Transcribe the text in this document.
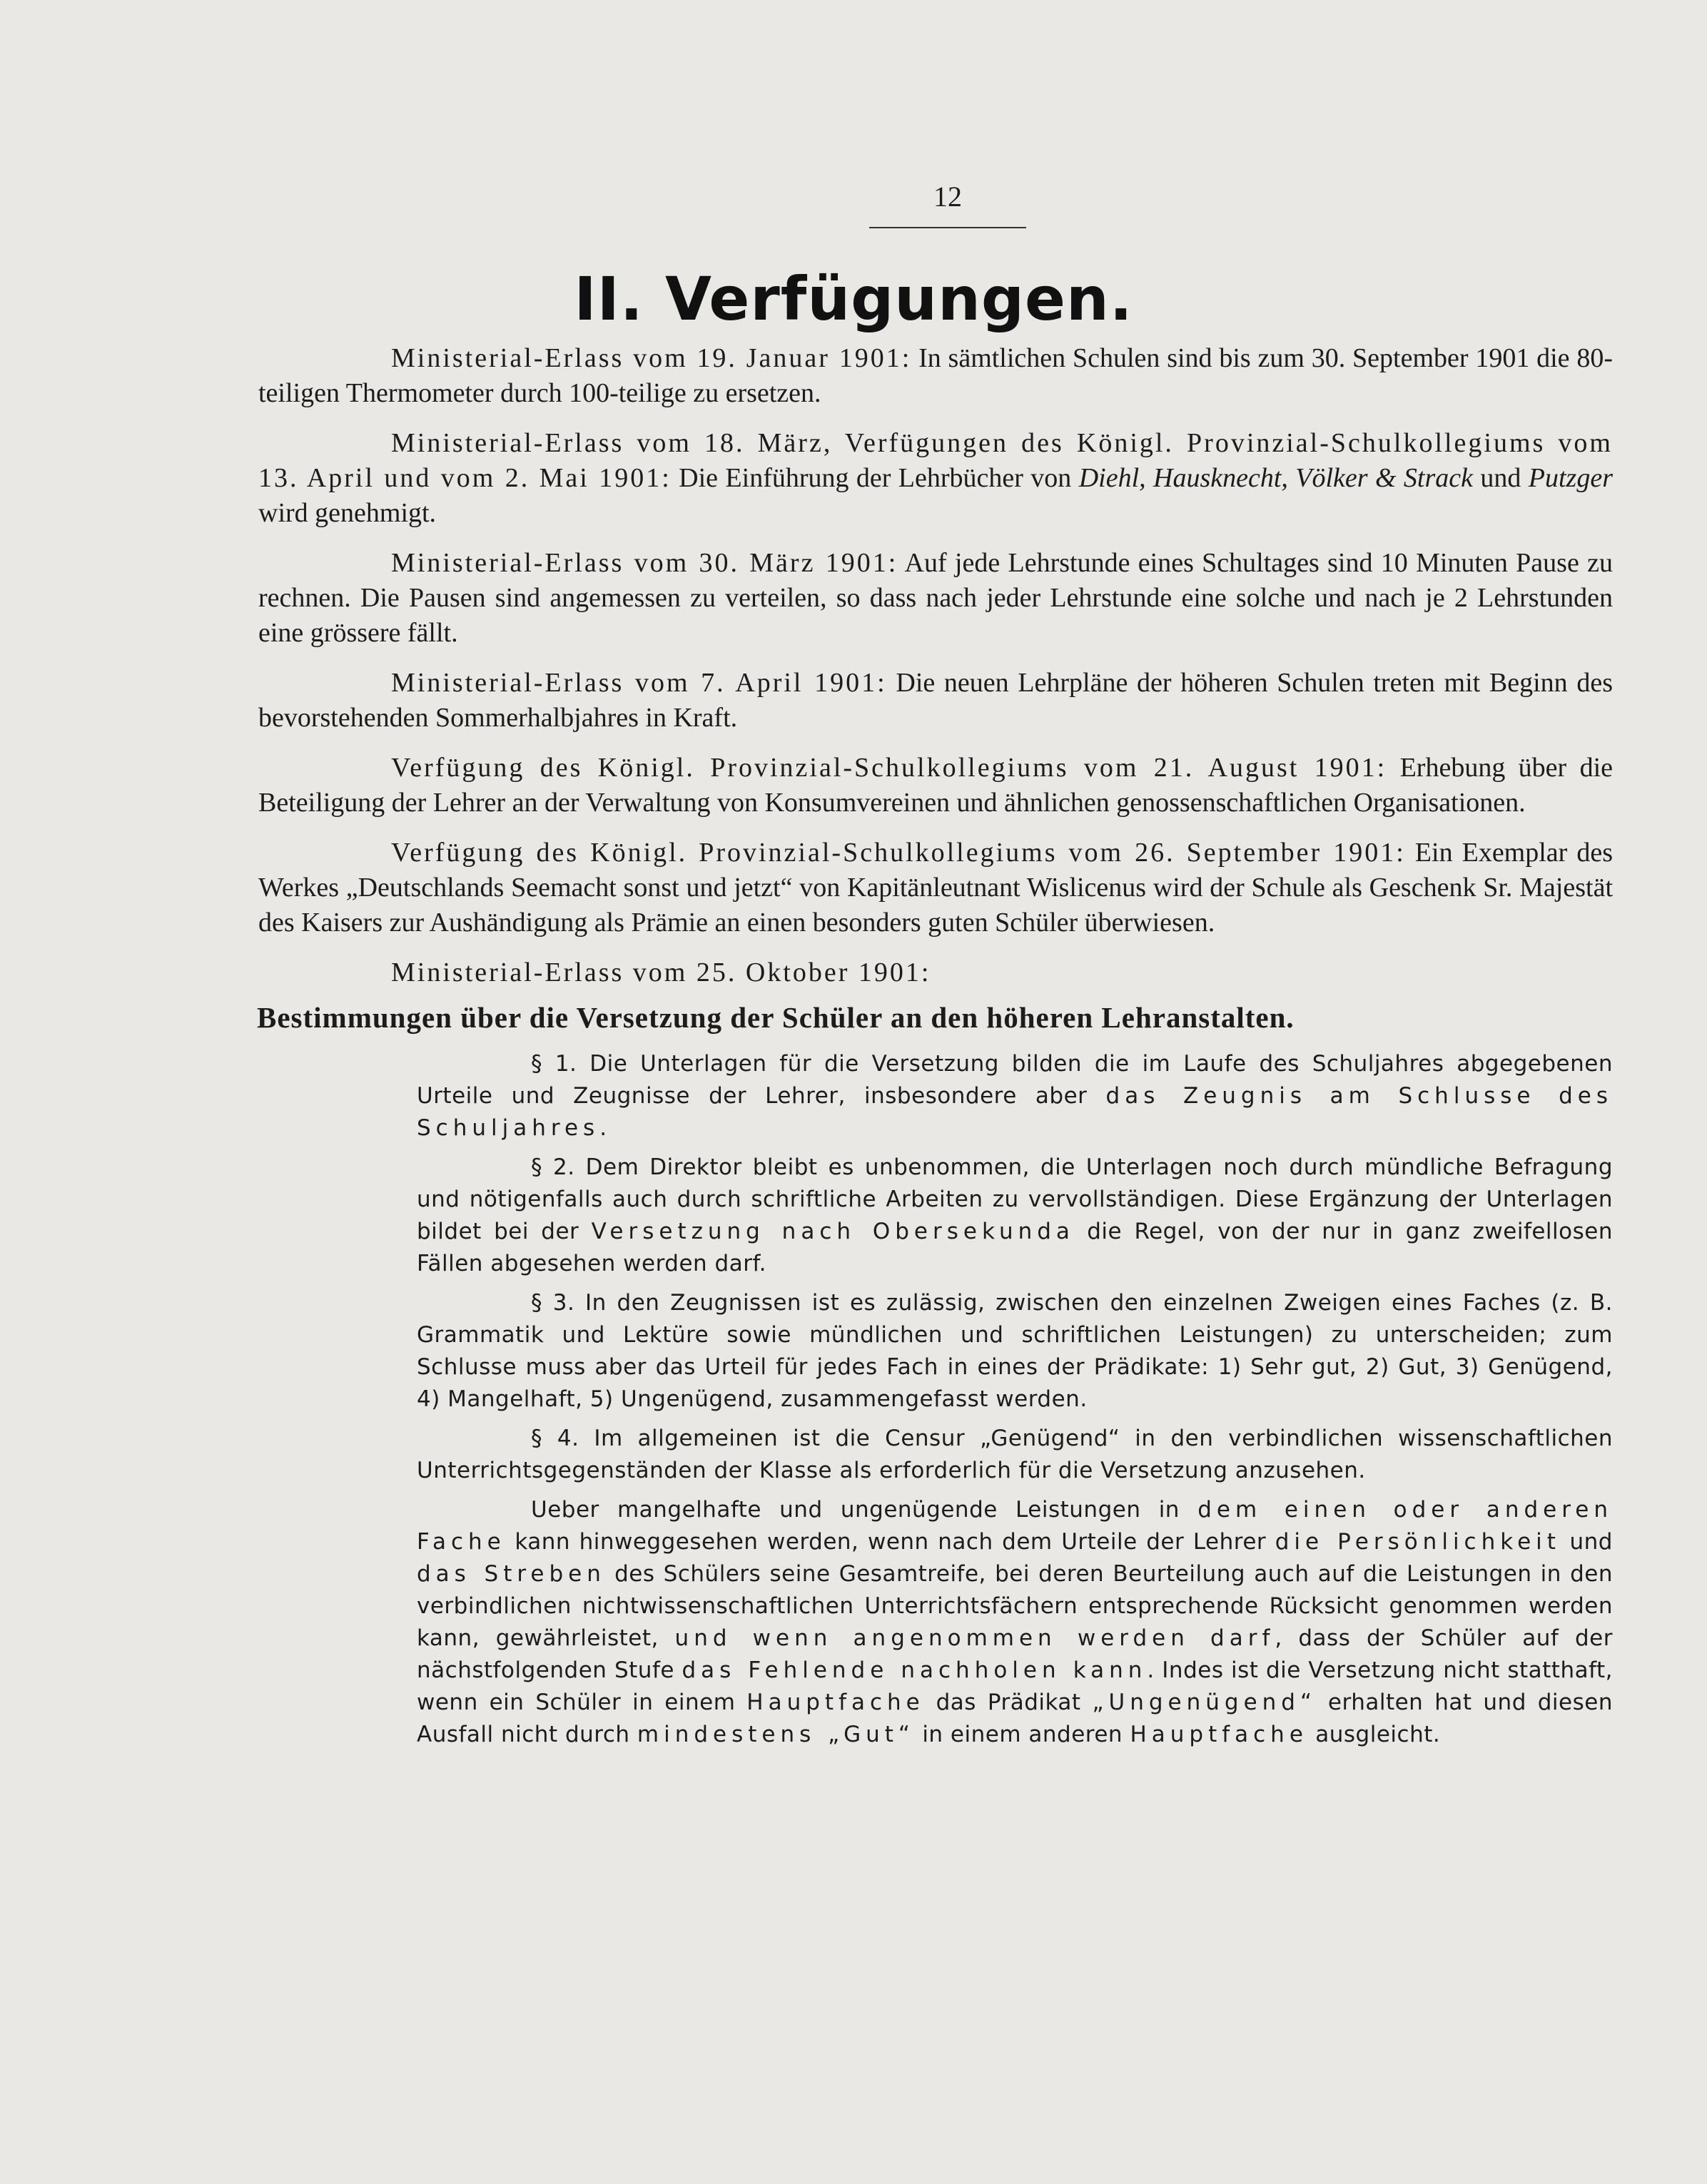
12
II. Verfügungen.

Ministerial-Erlass vom 19. Januar 1901: In sämtlichen Schulen sind bis zum 30. September 1901 die 80-teiligen Thermometer durch 100-teilige zu ersetzen.

Ministerial-Erlass vom 18. März, Verfügungen des Königl. Provinzial-Schulkollegiums vom 13. April und vom 2. Mai 1901: Die Einführung der Lehrbücher von Diehl, Hausknecht, Völker & Strack und Putzger wird genehmigt.

Ministerial-Erlass vom 30. März 1901: Auf jede Lehrstunde eines Schultages sind 10 Minuten Pause zu rechnen. Die Pausen sind angemessen zu verteilen, so dass nach jeder Lehrstunde eine solche und nach je 2 Lehrstunden eine grössere fällt.

Ministerial-Erlass vom 7. April 1901: Die neuen Lehrpläne der höheren Schulen treten mit Beginn des bevorstehenden Sommerhalbjahres in Kraft.

Verfügung des Königl. Provinzial-Schulkollegiums vom 21. August 1901: Erhebung über die Beteiligung der Lehrer an der Verwaltung von Konsumvereinen und ähnlichen genossenschaftlichen Organisationen.

Verfügung des Königl. Provinzial-Schulkollegiums vom 26. September 1901: Ein Exemplar des Werkes „Deutschlands Seemacht sonst und jetzt“ von Kapitänleutnant Wislicenus wird der Schule als Geschenk Sr. Majestät des Kaisers zur Aushändigung als Prämie an einen besonders guten Schüler überwiesen.

Ministerial-Erlass vom 25. Oktober 1901:

Bestimmungen über die Versetzung der Schüler an den höheren Lehranstalten.

§ 1. Die Unterlagen für die Versetzung bilden die im Laufe des Schuljahres abgegebenen Urteile und Zeugnisse der Lehrer, insbesondere aber das Zeugnis am Schlusse des Schuljahres.

§ 2. Dem Direktor bleibt es unbenommen, die Unterlagen noch durch mündliche Befragung und nötigenfalls auch durch schriftliche Arbeiten zu vervollständigen. Diese Ergänzung der Unterlagen bildet bei der Versetzung nach Obersekunda die Regel, von der nur in ganz zweifellosen Fällen abgesehen werden darf.

§ 3. In den Zeugnissen ist es zulässig, zwischen den einzelnen Zweigen eines Faches (z. B. Grammatik und Lektüre sowie mündlichen und schriftlichen Leistungen) zu unterscheiden; zum Schlusse muss aber das Urteil für jedes Fach in eines der Prädikate: 1) Sehr gut, 2) Gut, 3) Genügend, 4) Mangelhaft, 5) Ungenügend, zusammengefasst werden.

§ 4. Im allgemeinen ist die Censur „Genügend“ in den verbindlichen wissenschaftlichen Unterrichtsgegenständen der Klasse als erforderlich für die Versetzung anzusehen.

Ueber mangelhafte und ungenügende Leistungen in dem einen oder anderen Fache kann hinweggesehen werden, wenn nach dem Urteile der Lehrer die Persönlichkeit und das Streben des Schülers seine Gesamtreife, bei deren Beurteilung auch auf die Leistungen in den verbindlichen nichtwissenschaftlichen Unterrichtsfächern entsprechende Rücksicht genommen werden kann, gewährleistet, und wenn angenommen werden darf, dass der Schüler auf der nächstfolgenden Stufe das Fehlende nachholen kann. Indes ist die Versetzung nicht statthaft, wenn ein Schüler in einem Hauptfache das Prädikat „Ungenügend“ erhalten hat und diesen Ausfall nicht durch mindestens „Gut“ in einem anderen Hauptfache ausgleicht.
